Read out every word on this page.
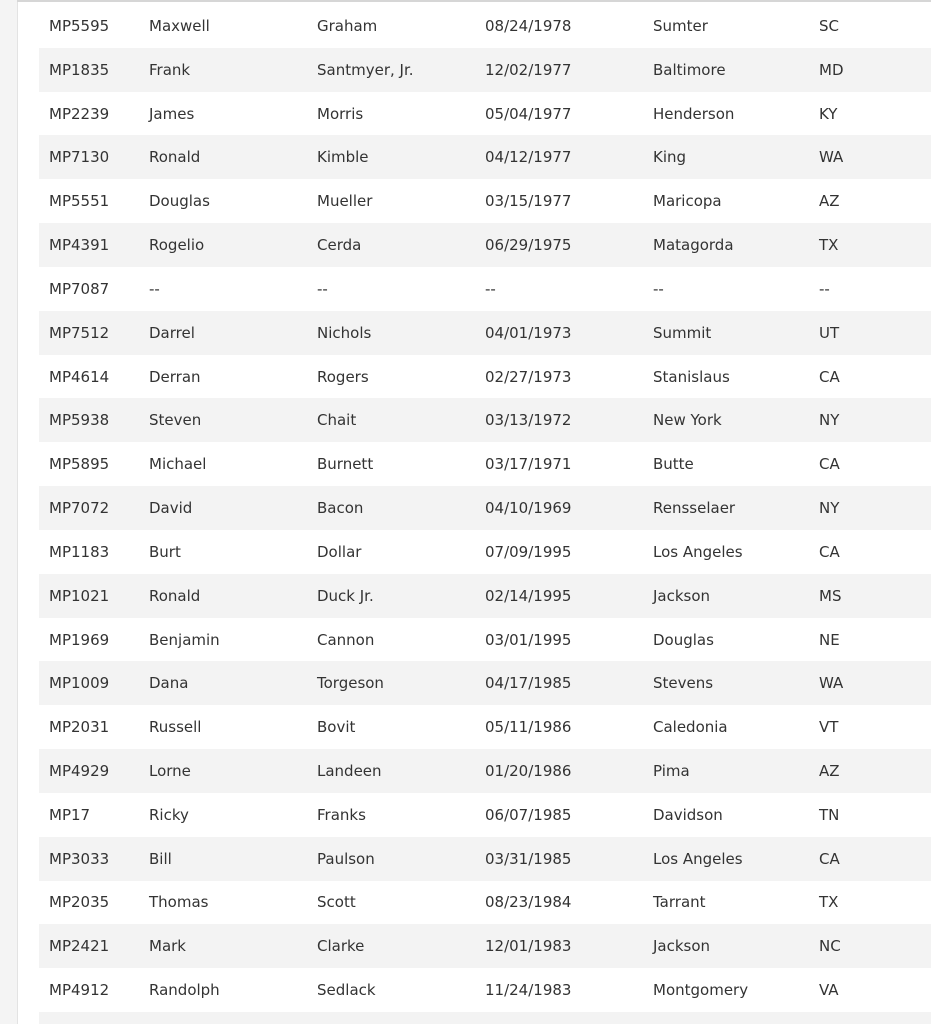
MP5595	Maxwell	Graham	08/24/1978	Sumter	SC
MP1835	Frank	Santmyer, Jr.	12/02/1977	Baltimore	MD
MP2239	James	Morris	05/04/1977	Henderson	KY
MP7130	Ronald	Kimble	04/12/1977	King	WA
MP5551	Douglas	Mueller	03/15/1977	Maricopa	AZ
MP4391	Rogelio	Cerda	06/29/1975	Matagorda	TX
MP7087	--	--	--	--	--
MP7512	Darrel	Nichols	04/01/1973	Summit	UT
MP4614	Derran	Rogers	02/27/1973	Stanislaus	CA
MP5938	Steven	Chait	03/13/1972	New York	NY
MP5895	Michael	Burnett	03/17/1971	Butte	CA
MP7072	David	Bacon	04/10/1969	Rensselaer	NY
MP1183	Burt	Dollar	07/09/1995	Los Angeles	CA
MP1021	Ronald	Duck Jr.	02/14/1995	Jackson	MS
MP1969	Benjamin	Cannon	03/01/1995	Douglas	NE
MP1009	Dana	Torgeson	04/17/1985	Stevens	WA
MP2031	Russell	Bovit	05/11/1986	Caledonia	VT
MP4929	Lorne	Landeen	01/20/1986	Pima	AZ
MP17	Ricky	Franks	06/07/1985	Davidson	TN
MP3033	Bill	Paulson	03/31/1985	Los Angeles	CA
MP2035	Thomas	Scott	08/23/1984	Tarrant	TX
MP2421	Mark	Clarke	12/01/1983	Jackson	NC
MP4912	Randolph	Sedlack	11/24/1983	Montgomery	VA
